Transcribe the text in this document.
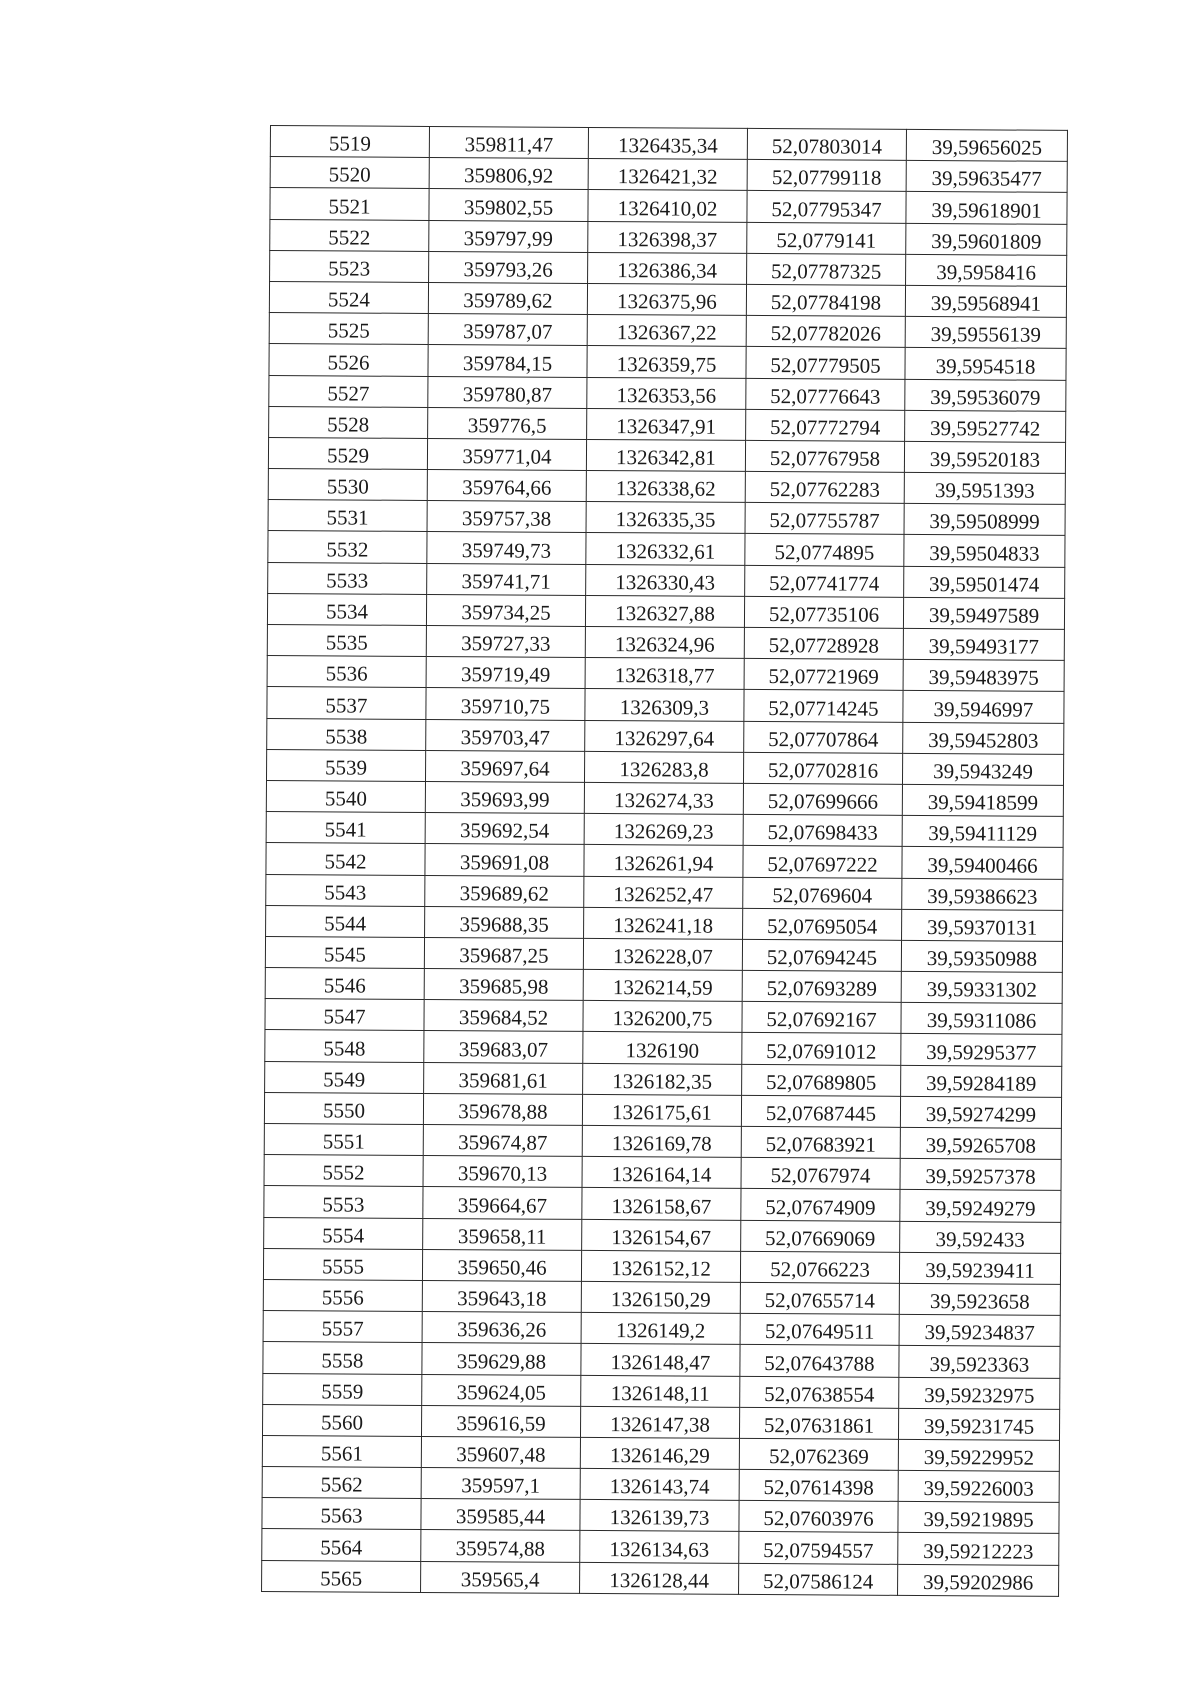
5519	359811,47	1326435,34	52,07803014	39,59656025
5520	359806,92	1326421,32	52,07799118	39,59635477
5521	359802,55	1326410,02	52,07795347	39,59618901
5522	359797,99	1326398,37	52,0779141	39,59601809
5523	359793,26	1326386,34	52,07787325	39,5958416
5524	359789,62	1326375,96	52,07784198	39,59568941
5525	359787,07	1326367,22	52,07782026	39,59556139
5526	359784,15	1326359,75	52,07779505	39,5954518
5527	359780,87	1326353,56	52,07776643	39,59536079
5528	359776,5	1326347,91	52,07772794	39,59527742
5529	359771,04	1326342,81	52,07767958	39,59520183
5530	359764,66	1326338,62	52,07762283	39,5951393
5531	359757,38	1326335,35	52,07755787	39,59508999
5532	359749,73	1326332,61	52,0774895	39,59504833
5533	359741,71	1326330,43	52,07741774	39,59501474
5534	359734,25	1326327,88	52,07735106	39,59497589
5535	359727,33	1326324,96	52,07728928	39,59493177
5536	359719,49	1326318,77	52,07721969	39,59483975
5537	359710,75	1326309,3	52,07714245	39,5946997
5538	359703,47	1326297,64	52,07707864	39,59452803
5539	359697,64	1326283,8	52,07702816	39,5943249
5540	359693,99	1326274,33	52,07699666	39,59418599
5541	359692,54	1326269,23	52,07698433	39,59411129
5542	359691,08	1326261,94	52,07697222	39,59400466
5543	359689,62	1326252,47	52,0769604	39,59386623
5544	359688,35	1326241,18	52,07695054	39,59370131
5545	359687,25	1326228,07	52,07694245	39,59350988
5546	359685,98	1326214,59	52,07693289	39,59331302
5547	359684,52	1326200,75	52,07692167	39,59311086
5548	359683,07	1326190	52,07691012	39,59295377
5549	359681,61	1326182,35	52,07689805	39,59284189
5550	359678,88	1326175,61	52,07687445	39,59274299
5551	359674,87	1326169,78	52,07683921	39,59265708
5552	359670,13	1326164,14	52,0767974	39,59257378
5553	359664,67	1326158,67	52,07674909	39,59249279
5554	359658,11	1326154,67	52,07669069	39,592433
5555	359650,46	1326152,12	52,0766223	39,59239411
5556	359643,18	1326150,29	52,07655714	39,5923658
5557	359636,26	1326149,2	52,07649511	39,59234837
5558	359629,88	1326148,47	52,07643788	39,5923363
5559	359624,05	1326148,11	52,07638554	39,59232975
5560	359616,59	1326147,38	52,07631861	39,59231745
5561	359607,48	1326146,29	52,0762369	39,59229952
5562	359597,1	1326143,74	52,07614398	39,59226003
5563	359585,44	1326139,73	52,07603976	39,59219895
5564	359574,88	1326134,63	52,07594557	39,59212223
5565	359565,4	1326128,44	52,07586124	39,59202986
